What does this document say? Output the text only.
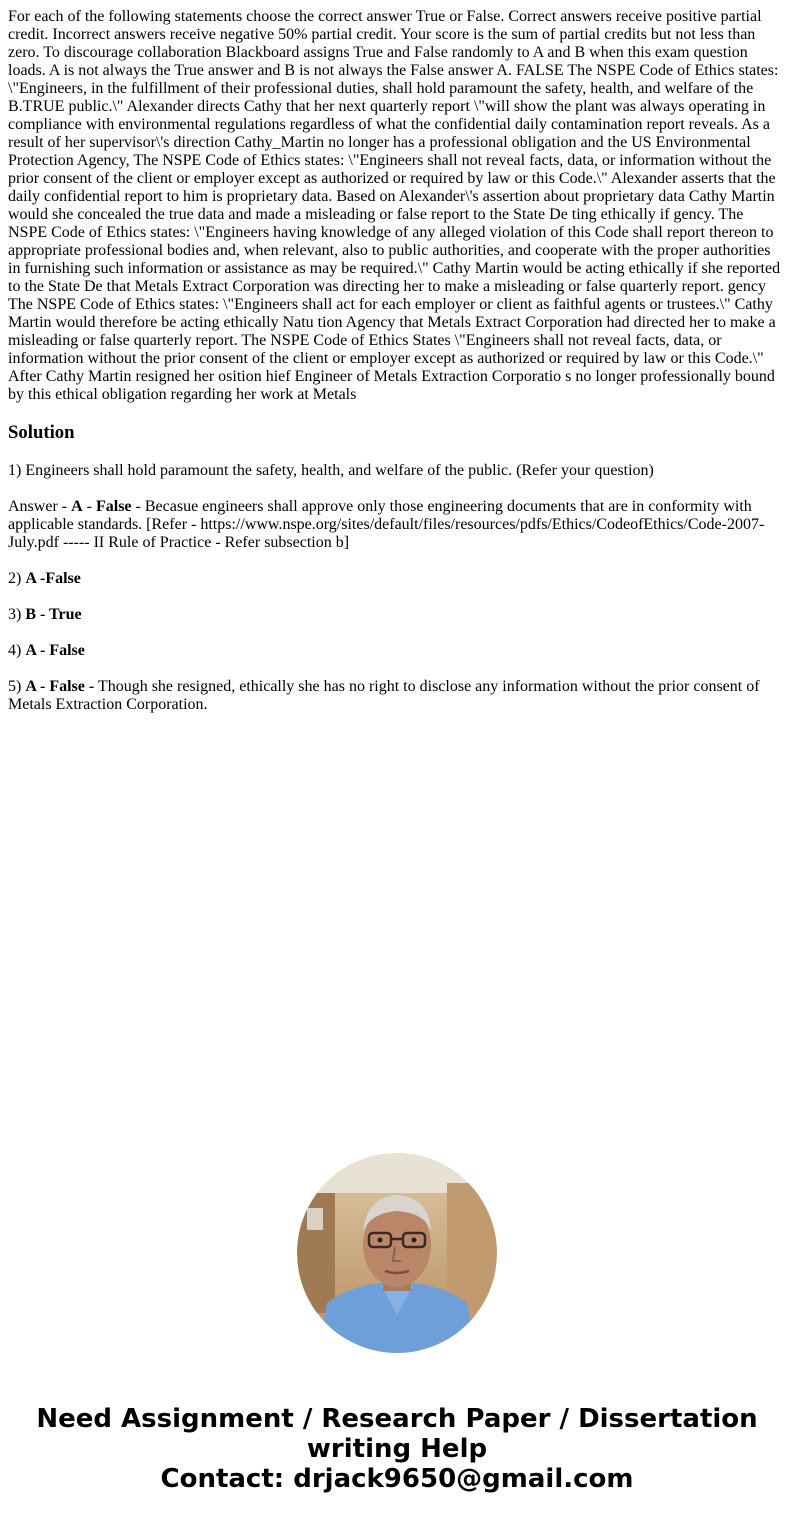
For each of the following statements choose the correct answer True or False. Correct answers receive positive partial credit. Incorrect answers receive negative 50% partial credit. Your score is the sum of partial credits but not less than zero. To discourage collaboration Blackboard assigns True and False randomly to A and B when this exam question loads. A is not always the True answer and B is not always the False answer A. FALSE The NSPE Code of Ethics states: \"Engineers, in the fulfillment of their professional duties, shall hold paramount the safety, health, and welfare of the B.TRUE public.\" Alexander directs Cathy that her next quarterly report \"will show the plant was always operating in compliance with environmental regulations regardless of what the confidential daily contamination report reveals. As a result of her supervisor\'s direction Cathy_Martin no longer has a professional obligation and the US Environmental Protection Agency, The NSPE Code of Ethics states: \"Engineers shall not reveal facts, data, or information without the prior consent of the client or employer except as authorized or required by law or this Code.\" Alexander asserts that the daily confidential report to him is proprietary data. Based on Alexander\'s assertion about proprietary data Cathy Martin would she concealed the true data and made a misleading or false report to the State De ting ethically if gency. The NSPE Code of Ethics states: \"Engineers having knowledge of any alleged violation of this Code shall report thereon to appropriate professional bodies and, when relevant, also to public authorities, and cooperate with the proper authorities in furnishing such information or assistance as may be required.\" Cathy Martin would be acting ethically if she reported to the State De that Metals Extract Corporation was directing her to make a misleading or false quarterly report. gency The NSPE Code of Ethics states: \"Engineers shall act for each employer or client as faithful agents or trustees.\" Cathy Martin would therefore be acting ethically Natu tion Agency that Metals Extract Corporation had directed her to make a misleading or false quarterly report. The NSPE Code of Ethics States \"Engineers shall not reveal facts, data, or information without the prior consent of the client or employer except as authorized or required by law or this Code.\" After Cathy Martin resigned her osition hief Engineer of Metals Extraction Corporatio s no longer professionally bound by this ethical obligation regarding her work at Metals

Solution

1) Engineers shall hold paramount the safety, health, and welfare of the public. (Refer your question)

Answer - A - False - Becasue engineers shall approve only those engineering documents that are in conformity with applicable standards. [Refer - https://www.nspe.org/sites/default/files/resources/pdfs/Ethics/CodeofEthics/Code-2007-July.pdf ----- II Rule of Practice - Refer subsection b]

2) A -False

3) B - True

4) A - False

5) A - False - Though she resigned, ethically she has no right to disclose any information without the prior consent of Metals Extraction Corporation.

Need Assignment / Research Paper / Dissertation
writing Help
Contact: drjack9650@gmail.com
